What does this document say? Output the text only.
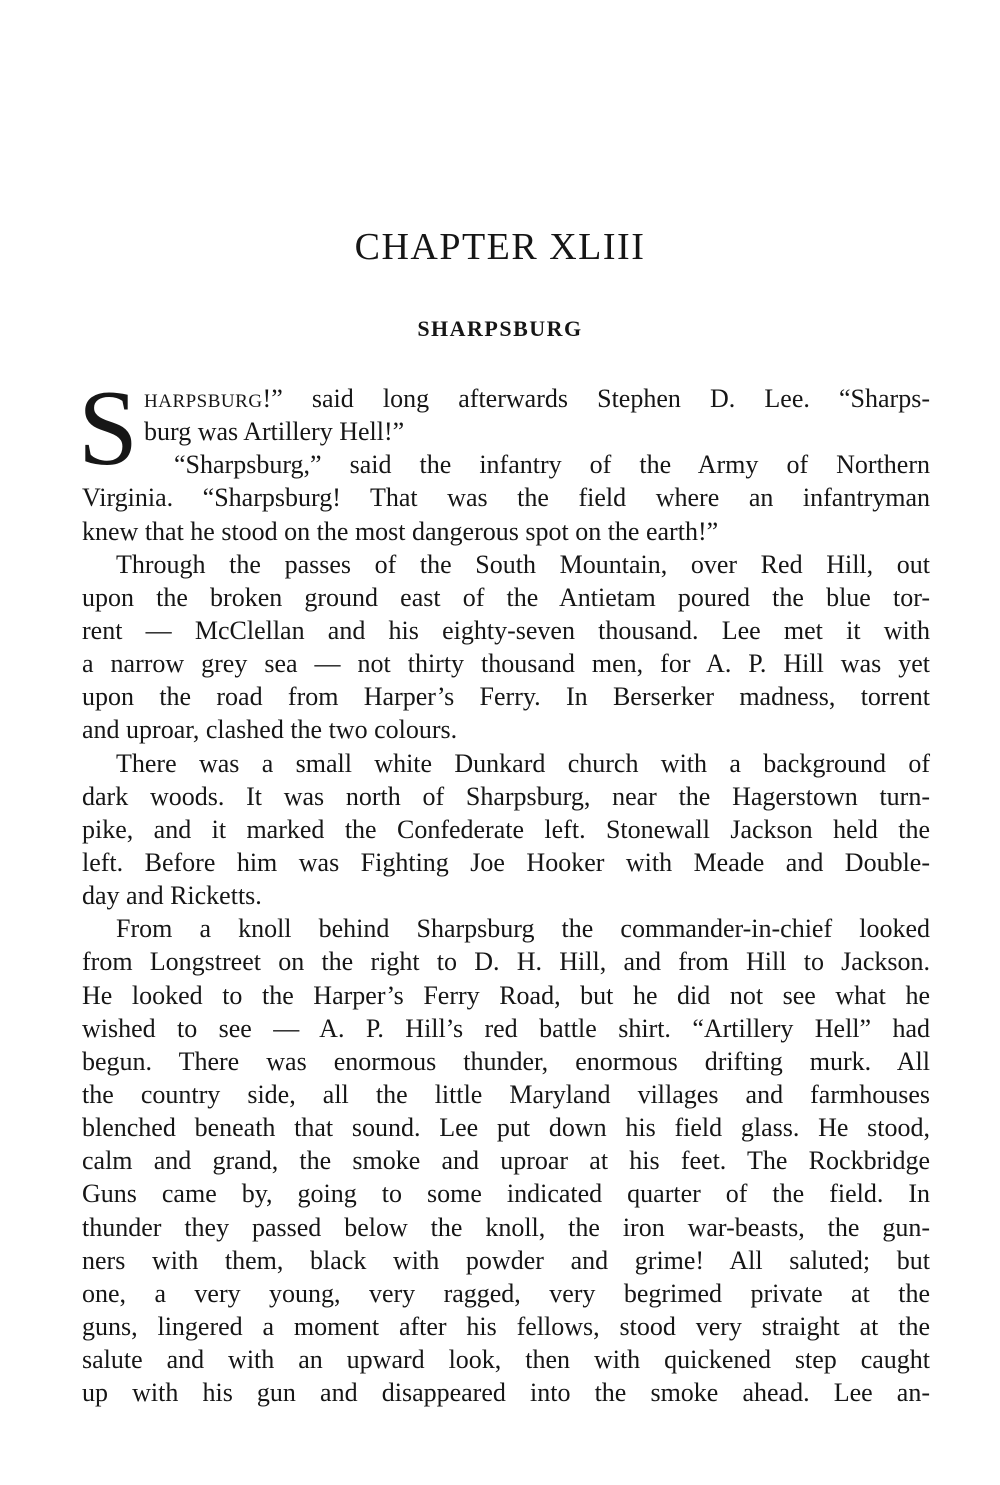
CHAPTER XLIII
SHARPSBURG
S HARPSBURG!” said long afterwards Stephen D. Lee. “Sharps-
burg was Artillery Hell!”
“Sharpsburg,” said the infantry of the Army of Northern
Virginia. “Sharpsburg! That was the field where an infantryman
knew that he stood on the most dangerous spot on the earth!”
Through the passes of the South Mountain, over Red Hill, out
upon the broken ground east of the Antietam poured the blue tor-
rent — McClellan and his eighty-seven thousand. Lee met it with
a narrow grey sea — not thirty thousand men, for A. P. Hill was yet
upon the road from Harper’s Ferry. In Berserker madness, torrent
and uproar, clashed the two colours.
There was a small white Dunkard church with a background of
dark woods. It was north of Sharpsburg, near the Hagerstown turn-
pike, and it marked the Confederate left. Stonewall Jackson held the
left. Before him was Fighting Joe Hooker with Meade and Double-
day and Ricketts.
From a knoll behind Sharpsburg the commander-in-chief looked
from Longstreet on the right to D. H. Hill, and from Hill to Jackson.
He looked to the Harper’s Ferry Road, but he did not see what he
wished to see — A. P. Hill’s red battle shirt. “Artillery Hell” had
begun. There was enormous thunder, enormous drifting murk. All
the country side, all the little Maryland villages and farmhouses
blenched beneath that sound. Lee put down his field glass. He stood,
calm and grand, the smoke and uproar at his feet. The Rockbridge
Guns came by, going to some indicated quarter of the field. In
thunder they passed below the knoll, the iron war-beasts, the gun-
ners with them, black with powder and grime! All saluted; but
one, a very young, very ragged, very begrimed private at the
guns, lingered a moment after his fellows, stood very straight at the
salute and with an upward look, then with quickened step caught
up with his gun and disappeared into the smoke ahead. Lee an-
